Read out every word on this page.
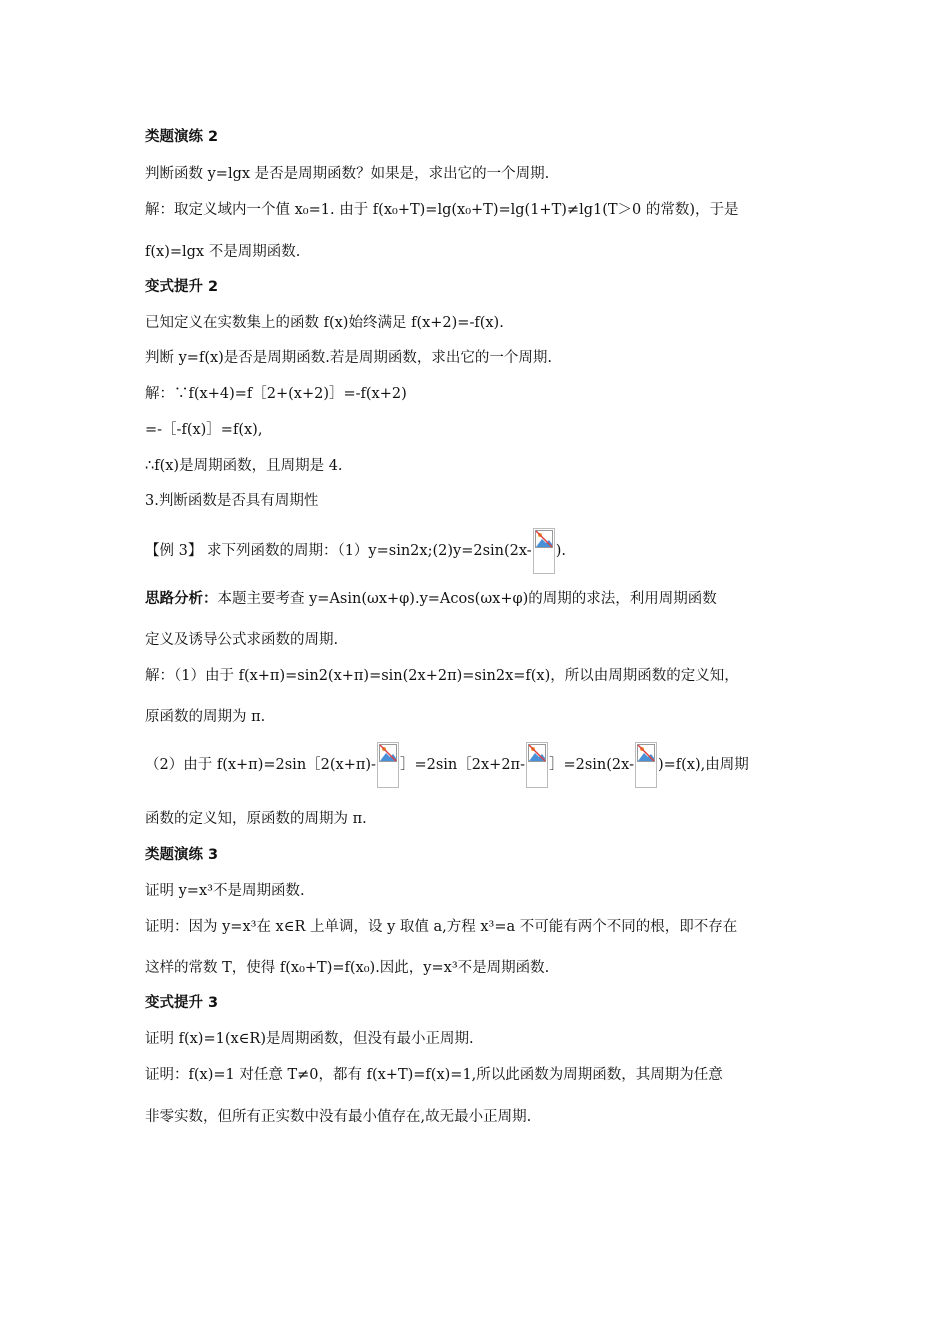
类题演练 2
判断函数 y=lgx 是否是周期函数？如果是，求出它的一个周期.
解：取定义域内一个值 x₀=1. 由于 f(x₀+T)=lg(x₀+T)=lg(1+T)≠lg1(T＞0 的常数)，于是
f(x)=lgx 不是周期函数.
变式提升 2
已知定义在实数集上的函数 f(x)始终满足 f(x+2)=-f(x).
判断 y=f(x)是否是周期函数.若是周期函数，求出它的一个周期.
解：∵f(x+4)=f［2+(x+2)］=-f(x+2)
=-［-f(x)］=f(x),
∴f(x)是周期函数，且周期是 4.
3.判断函数是否具有周期性
【例 3】 求下列函数的周期：（1）y=sin2x;(2)y=2sin(2x- ).
思路分析：本题主要考查 y=Asin(ωx+φ).y=Acos(ωx+φ)的周期的求法，利用周期函数
定义及诱导公式求函数的周期.
解：（1）由于 f(x+π)=sin2(x+π)=sin(2x+2π)=sin2x=f(x)，所以由周期函数的定义知，
原函数的周期为 π.
（2）由于 f(x+π)=2sin［2(x+π)- ］=2sin［2x+2π- ］=2sin(2x- )=f(x),由周期
函数的定义知，原函数的周期为 π.
类题演练 3
证明 y=x³不是周期函数.
证明：因为 y=x³在 x∈R 上单调，设 y 取值 a,方程 x³=a 不可能有两个不同的根，即不存在
这样的常数 T，使得 f(x₀+T)=f(x₀).因此，y=x³不是周期函数.
变式提升 3
证明 f(x)=1(x∈R)是周期函数，但没有最小正周期.
证明：f(x)=1 对任意 T≠0，都有 f(x+T)=f(x)=1,所以此函数为周期函数，其周期为任意
非零实数，但所有正实数中没有最小值存在,故无最小正周期.
